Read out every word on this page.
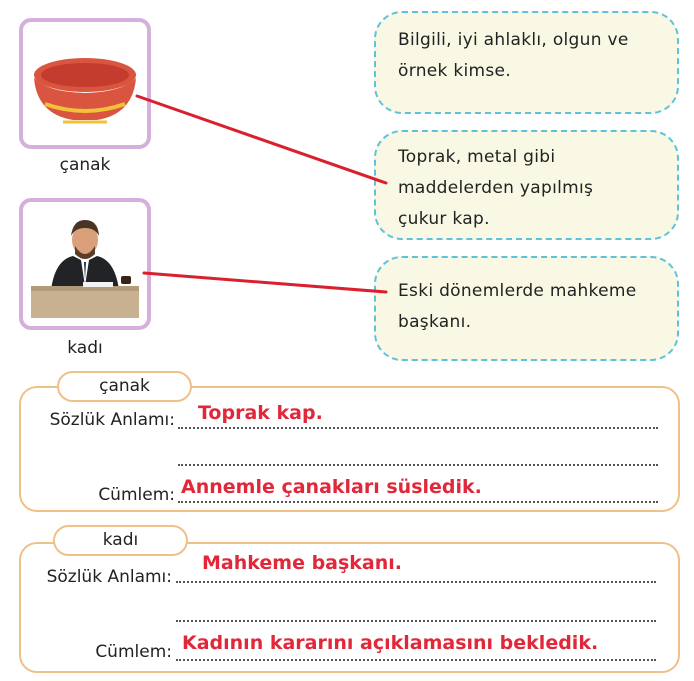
çanak
kadı
Bilgili, iyi ahlaklı, olgun ve
örnek kimse.
Toprak, metal gibi
maddelerden yapılmış
çukur kap.
Eski dönemlerde mahkeme
başkanı.
çanak
Sözlük Anlamı:
Cümlem:
Toprak kap.
Annemle çanakları süsledik.
kadı
Sözlük Anlamı:
Cümlem:
Mahkeme başkanı.
Kadının kararını açıklamasını bekledik.
